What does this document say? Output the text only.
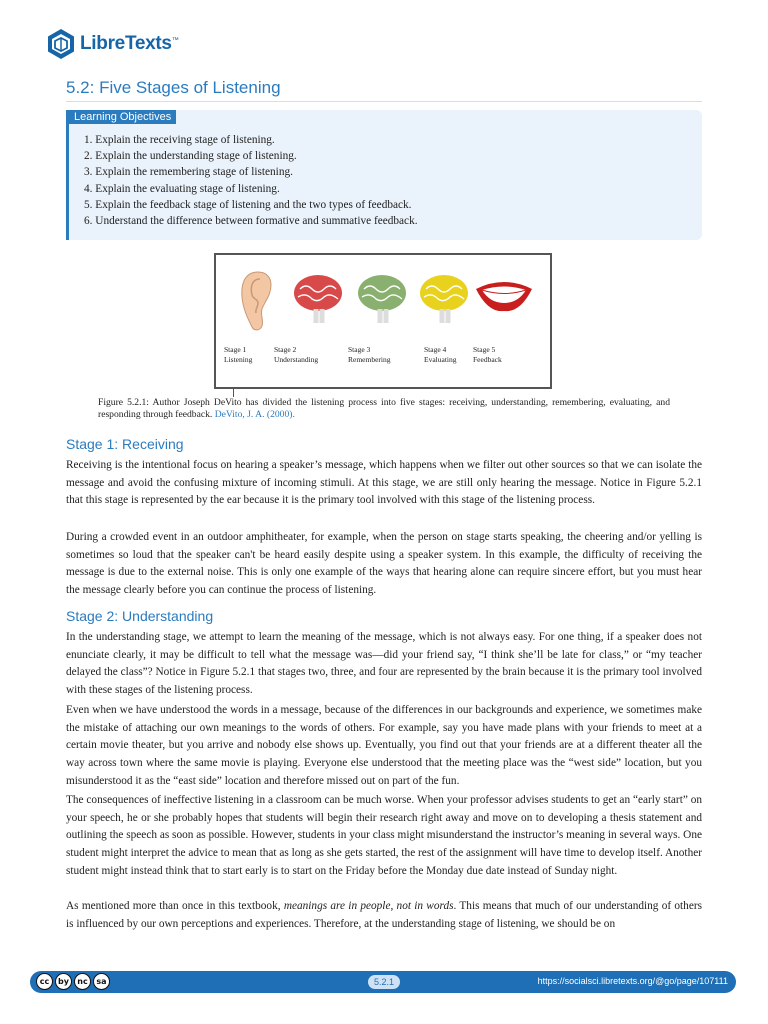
LibreTexts ™
5.2: Five Stages of Listening
Learning Objectives
1. Explain the receiving stage of listening.
2. Explain the understanding stage of listening.
3. Explain the remembering stage of listening.
4. Explain the evaluating stage of listening.
5. Explain the feedback stage of listening and the two types of feedback.
6. Understand the difference between formative and summative feedback.
Stage 1
Listening
Stage 2
Understanding
Stage 3
Remembering
Stage 4
Evaluating
Stage 5
Feedback
Figure 5.2.1: Author Joseph DeVito has divided the listening process into five stages: receiving, understanding, remembering, evaluating, and responding through feedback. DeVito, J. A. (2000).
Stage 1: Receiving

Receiving is the intentional focus on hearing a speaker’s message, which happens when we filter out other sources so that we can isolate the message and avoid the confusing mixture of incoming stimuli. At this stage, we are still only hearing the message. Notice in Figure 5.2.1 that this stage is represented by the ear because it is the primary tool involved with this stage of the listening process.

During a crowded event in an outdoor amphitheater, for example, when the person on stage starts speaking, the cheering and/or yelling is sometimes so loud that the speaker can't be heard easily despite using a speaker system. In this example, the difficulty of receiving the message is due to the external noise. This is only one example of the ways that hearing alone can require sincere effort, but you must hear the message clearly before you can continue the process of listening.

Stage 2: Understanding

In the understanding stage, we attempt to learn the meaning of the message, which is not always easy. For one thing, if a speaker does not enunciate clearly, it may be difficult to tell what the message was—did your friend say, “I think she’ll be late for class,” or “my teacher delayed the class”? Notice in Figure 5.2.1 that stages two, three, and four are represented by the brain because it is the primary tool involved with these stages of the listening process.

Even when we have understood the words in a message, because of the differences in our backgrounds and experience, we sometimes make the mistake of attaching our own meanings to the words of others. For example, say you have made plans with your friends to meet at a certain movie theater, but you arrive and nobody else shows up. Eventually, you find out that your friends are at a different theater all the way across town where the same movie is playing. Everyone else understood that the meeting place was the “west side” location, but you misunderstood it as the “east side” location and therefore missed out on part of the fun.

The consequences of ineffective listening in a classroom can be much worse. When your professor advises students to get an “early start” on your speech, he or she probably hopes that students will begin their research right away and move on to developing a thesis statement and outlining the speech as soon as possible. However, students in your class might misunderstand the instructor’s meaning in several ways. One student might interpret the advice to mean that as long as she gets started, the rest of the assignment will have time to develop itself. Another student might instead think that to start early is to start on the Friday before the Monday due date instead of Sunday night.

As mentioned more than once in this textbook, meanings are in people, not in words. This means that much of our understanding of others is influenced by our own perceptions and experiences. Therefore, at the understanding stage of listening, we should be on

cc	by	nc	sa	5.2.1	https://socialsci.libretexts.org/@go/page/107111
